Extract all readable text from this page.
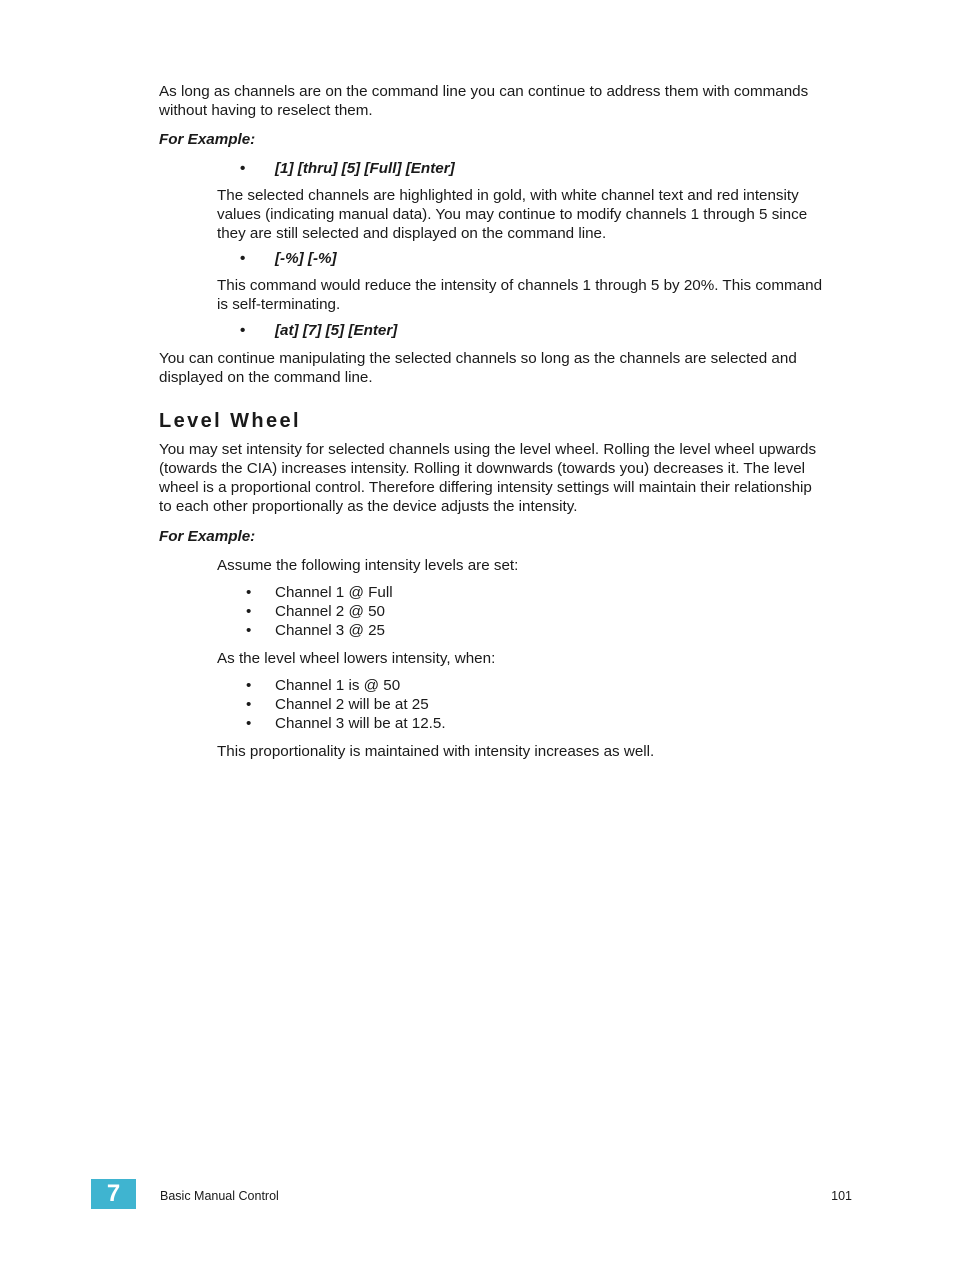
As long as channels are on the command line you can continue to address them with commands
without having to reselect them.

For Example:

• [1] [thru] [5] [Full] [Enter]

The selected channels are highlighted in gold, with white channel text and red intensity
values (indicating manual data). You may continue to modify channels 1 through 5 since
they are still selected and displayed on the command line.

• [-%] [-%]

This command would reduce the intensity of channels 1 through 5 by 20%. This command
is self-terminating.

• [at] [7] [5] [Enter]

You can continue manipulating the selected channels so long as the channels are selected and
displayed on the command line.

Level Wheel

You may set intensity for selected channels using the level wheel. Rolling the level wheel upwards
(towards the CIA) increases intensity. Rolling it downwards (towards you) decreases it. The level
wheel is a proportional control. Therefore differing intensity settings will maintain their relationship
to each other proportionally as the device adjusts the intensity.

For Example:

Assume the following intensity levels are set:

• Channel 1 @ Full
• Channel 2 @ 50
• Channel 3 @ 25

As the level wheel lowers intensity, when:

• Channel 1 is @ 50
• Channel 2 will be at 25
• Channel 3 will be at 12.5.

This proportionality is maintained with intensity increases as well.

7	Basic Manual Control	101
